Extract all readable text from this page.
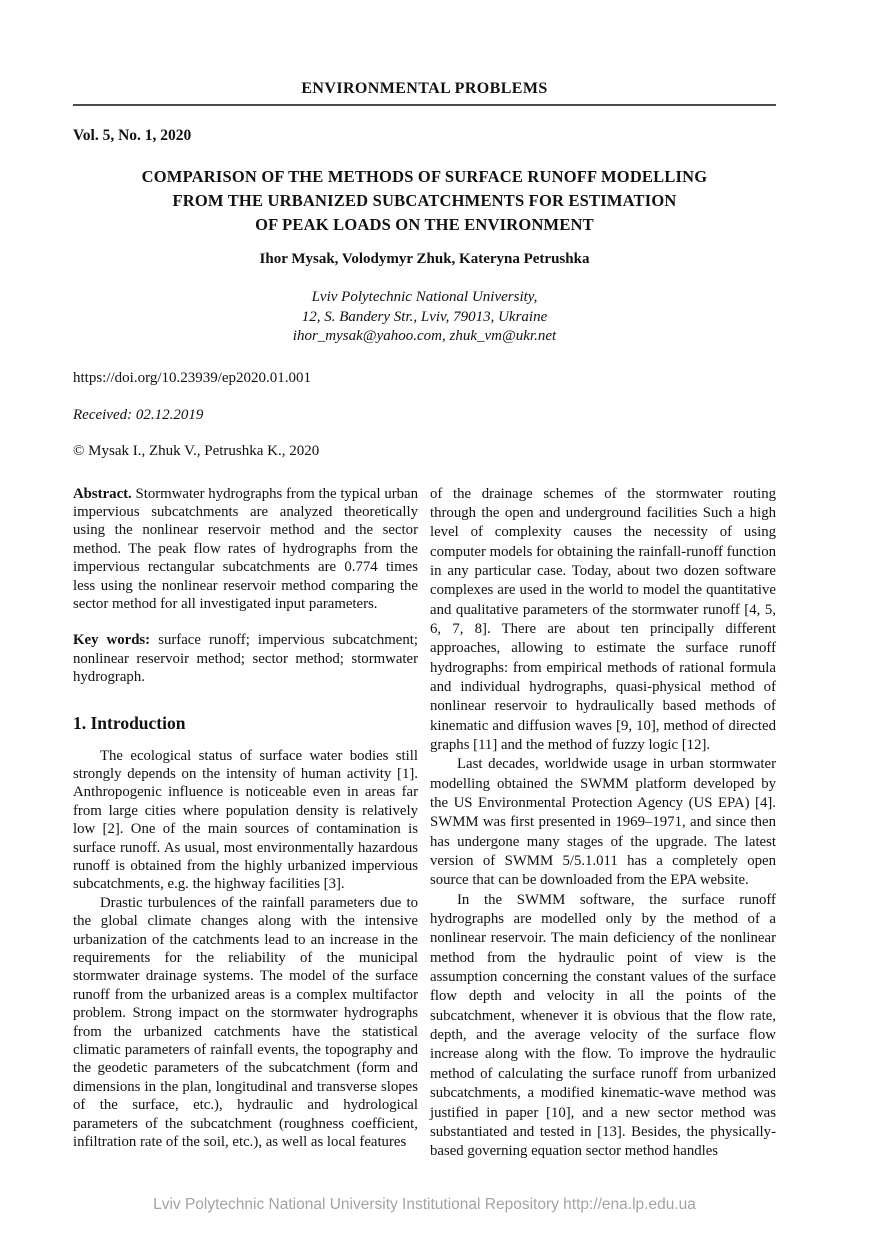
ENVIRONMENTAL PROBLEMS
Vol. 5, No. 1, 2020
COMPARISON OF THE METHODS OF SURFACE RUNOFF MODELLING
FROM THE URBANIZED SUBCATCHMENTS FOR ESTIMATION
OF PEAK LOADS ON THE ENVIRONMENT
Ihor Mysak, Volodymyr Zhuk, Kateryna Petrushka
Lviv Polytechnic National University,
12, S. Bandery Str., Lviv, 79013, Ukraine
ihor_mysak@yahoo.com, zhuk_vm@ukr.net
https://doi.org/10.23939/ep2020.01.001
Received: 02.12.2019
© Mysak I., Zhuk V., Petrushka K., 2020

Abstract. Stormwater hydrographs from the typical urban impervious subcatchments are analyzed theoretically using the nonlinear reservoir method and the sector method. The peak flow rates of hydrographs from the impervious rectangular subcatchments are 0.774 times less using the nonlinear reservoir method comparing the sector method for all investigated input parameters.

Key words: surface runoff; impervious subcatchment; nonlinear reservoir method; sector method; stormwater hydrograph.

1. Introduction

The ecological status of surface water bodies still strongly depends on the intensity of human activity [1]. Anthropogenic influence is noticeable even in areas far from large cities where population density is relatively low [2]. One of the main sources of contamination is surface runoff. As usual, most environmentally hazardous runoff is obtained from the highly urbanized impervious subcatchments, e.g. the highway facilities [3].

Drastic turbulences of the rainfall parameters due to the global climate changes along with the intensive urbanization of the catchments lead to an increase in the requirements for the reliability of the municipal stormwater drainage systems. The model of the surface runoff from the urbanized areas is a complex multifactor problem. Strong impact on the stormwater hydrographs from the urbanized catchments have the statistical climatic parameters of rainfall events, the topography and the geodetic parameters of the subcatchment (form and dimensions in the plan, longitudinal and transverse slopes of the surface, etc.), hydraulic and hydrological parameters of the subcatchment (roughness coefficient, infiltration rate of the soil, etc.), as well as local features

of the drainage schemes of the stormwater routing through the open and underground facilities Such a high level of complexity causes the necessity of using computer models for obtaining the rainfall-runoff function in any particular case. Today, about two dozen software complexes are used in the world to model the quantitative and qualitative parameters of the stormwater runoff [4, 5, 6, 7, 8]. There are about ten principally different approaches, allowing to estimate the surface runoff hydrographs: from empirical methods of rational formula and individual hydrographs, quasi-physical method of nonlinear reservoir to hydraulically based methods of kinematic and diffusion waves [9, 10], method of directed graphs [11] and the method of fuzzy logic [12].

Last decades, worldwide usage in urban stormwater modelling obtained the SWMM platform developed by the US Environmental Protection Agency (US EPA) [4]. SWMM was first presented in 1969–1971, and since then has undergone many stages of the upgrade. The latest version of SWMM 5/5.1.011 has a completely open source that can be downloaded from the EPA website.

In the SWMM software, the surface runoff hydrographs are modelled only by the method of a nonlinear reservoir. The main deficiency of the nonlinear method from the hydraulic point of view is the assumption concerning the constant values of the surface flow depth and velocity in all the points of the subcatchment, whenever it is obvious that the flow rate, depth, and the average velocity of the surface flow increase along with the flow. To improve the hydraulic method of calculating the surface runoff from urbanized subcatchments, a modified kinematic-wave method was justified in paper [10], and a new sector method was substantiated and tested in [13]. Besides, the physically-based governing equation sector method handles

Lviv Polytechnic National University Institutional Repository http://ena.lp.edu.ua
